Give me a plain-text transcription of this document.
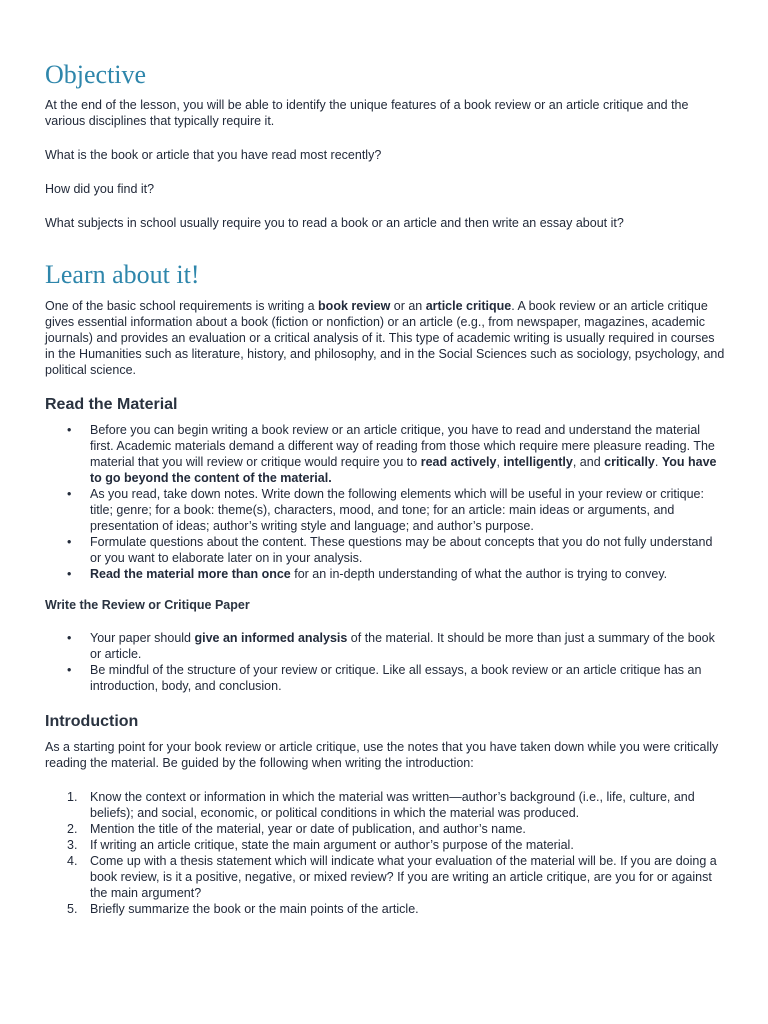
Objective

At the end of the lesson, you will be able to identify the unique features of a book review or an article critique and the various disciplines that typically require it.

What is the book or article that you have read most recently?

How did you find it?

What subjects in school usually require you to read a book or an article and then write an essay about it?

Learn about it!

One of the basic school requirements is writing a book review or an article critique. A book review or an article critique gives essential information about a book (fiction or nonfiction) or an article (e.g., from newspaper, magazines, academic journals) and provides an evaluation or a critical analysis of it. This type of academic writing is usually required in courses in the Humanities such as literature, history, and philosophy, and in the Social Sciences such as sociology, psychology, and political science.

Read the Material
• Before you can begin writing a book review or an article critique, you have to read and understand the material first. Academic materials demand a different way of reading from those which require mere pleasure reading. The material that you will review or critique would require you to read actively, intelligently, and critically. You have to go beyond the content of the material.
• As you read, take down notes. Write down the following elements which will be useful in your review or critique: title; genre; for a book: theme(s), characters, mood, and tone; for an article: main ideas or arguments, and presentation of ideas; author’s writing style and language; and author’s purpose.
• Formulate questions about the content. These questions may be about concepts that you do not fully understand or you want to elaborate later on in your analysis.
• Read the material more than once for an in-depth understanding of what the author is trying to convey.
Write the Review or Critique Paper
• Your paper should give an informed analysis of the material. It should be more than just a summary of the book or article.
• Be mindful of the structure of your review or critique. Like all essays, a book review or an article critique has an introduction, body, and conclusion.
Introduction

As a starting point for your book review or article critique, use the notes that you have taken down while you were critically reading the material. Be guided by the following when writing the introduction:

1. Know the context or information in which the material was written—author’s background (i.e., life, culture, and beliefs); and social, economic, or political conditions in which the material was produced.
2. Mention the title of the material, year or date of publication, and author’s name.
3. If writing an article critique, state the main argument or author’s purpose of the material.
4. Come up with a thesis statement which will indicate what your evaluation of the material will be. If you are doing a book review, is it a positive, negative, or mixed review? If you are writing an article critique, are you for or against the main argument?
5. Briefly summarize the book or the main points of the article.
